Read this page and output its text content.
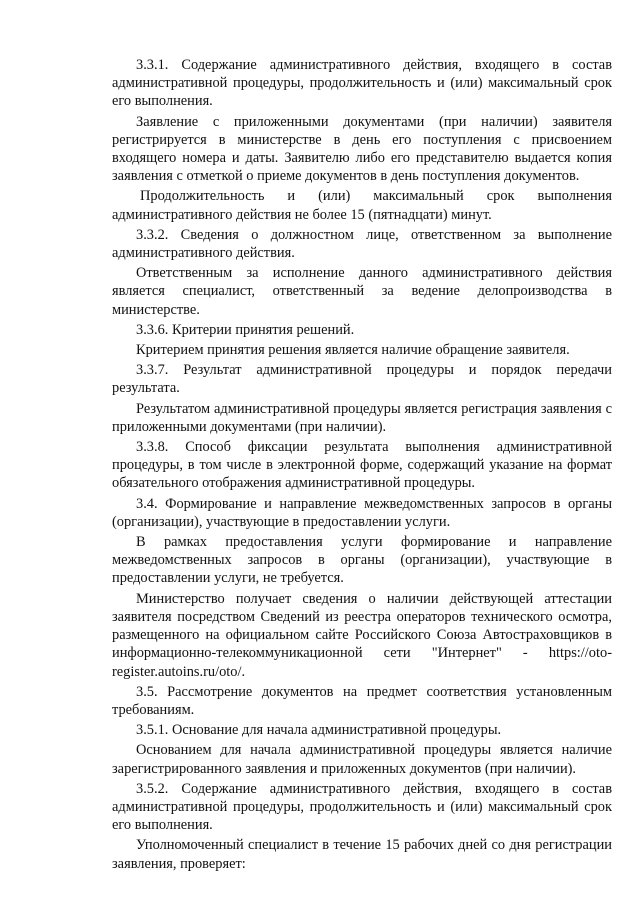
3.3.1. Содержание административного действия, входящего в состав административной процедуры, продолжительность и (или) максимальный срок его выполнения.

Заявление с приложенными документами (при наличии) заявителя регистрируется в министерстве в день его поступления с присвоением входящего номера и даты. Заявителю либо его представителю выдается копия заявления с отметкой о приеме документов в день поступления документов.

Продолжительность и (или) максимальный срок выполнения административного действия не более 15 (пятнадцати) минут.

3.3.2. Сведения о должностном лице, ответственном за выполнение административного действия.

Ответственным за исполнение данного административного действия является специалист, ответственный за ведение делопроизводства в министерстве.

3.3.6. Критерии принятия решений.

Критерием принятия решения является наличие обращение заявителя.

3.3.7. Результат административной процедуры и порядок передачи результата.

Результатом административной процедуры является регистрация заявления с приложенными документами (при наличии).

3.3.8. Способ фиксации результата выполнения административной процедуры, в том числе в электронной форме, содержащий указание на формат обязательного отображения административной процедуры.

3.4. Формирование и направление межведомственных запросов в органы (организации), участвующие в предоставлении услуги.

В рамках предоставления услуги формирование и направление межведомственных запросов в органы (организации), участвующие в предоставлении услуги, не требуется.

Министерство получает сведения о наличии действующей аттестации заявителя посредством Сведений из реестра операторов технического осмотра, размещенного на официальном сайте Российского Союза Автостраховщиков в информационно-телекоммуникационной сети "Интернет" - https://oto-register.autoins.ru/oto/.

3.5. Рассмотрение документов на предмет соответствия установленным требованиям.

3.5.1. Основание для начала административной процедуры.

Основанием для начала административной процедуры является наличие зарегистрированного заявления и приложенных документов (при наличии).

3.5.2. Содержание административного действия, входящего в состав административной процедуры, продолжительность и (или) максимальный срок его выполнения.

Уполномоченный специалист в течение 15 рабочих дней со дня регистрации заявления, проверяет:
